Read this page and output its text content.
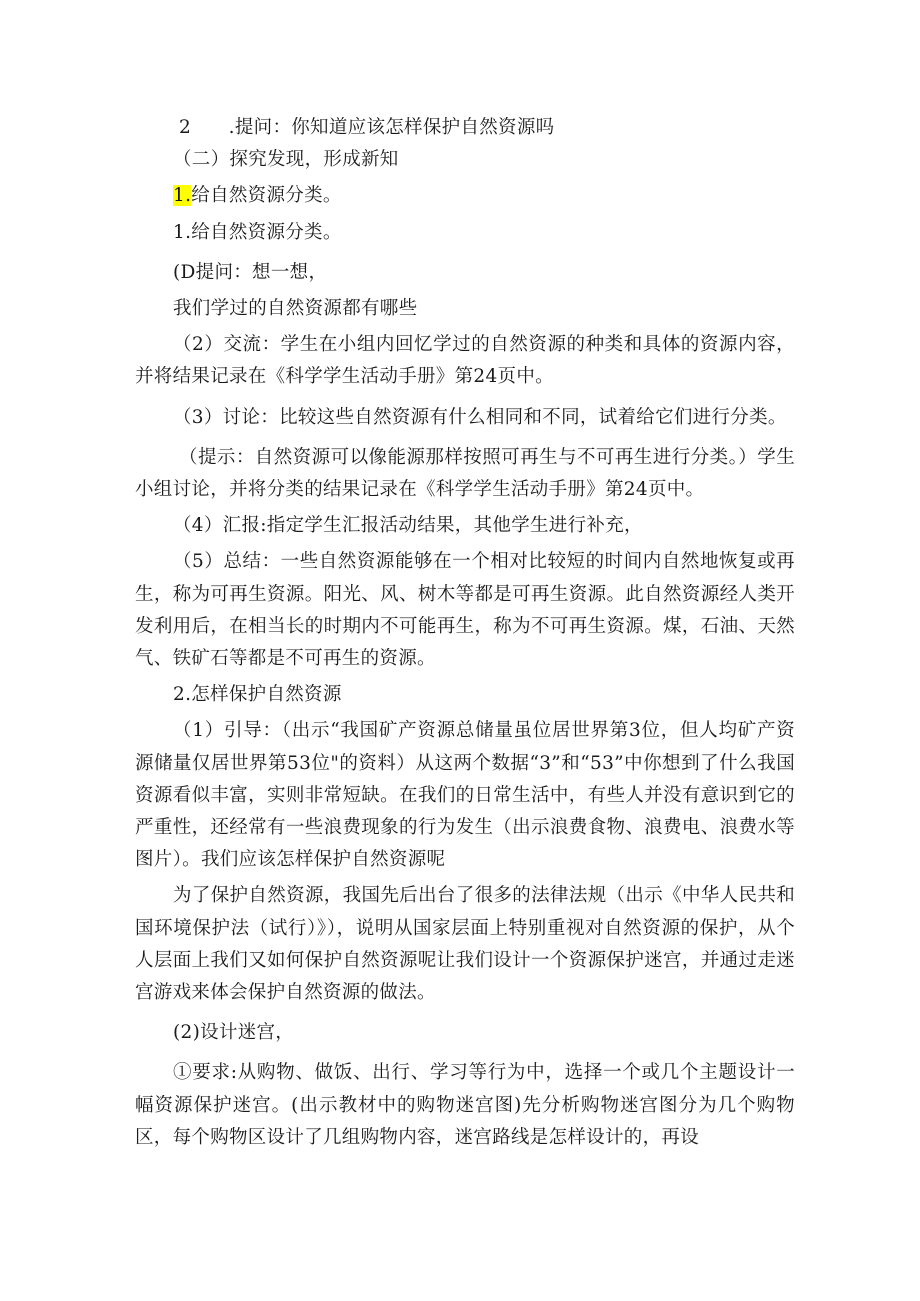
2　　.提问：你知道应该怎样保护自然资源吗

（二）探究发现，形成新知

1.给自然资源分类。

1.给自然资源分类。

(D提问：想一想，

我们学过的自然资源都有哪些

（2）交流：学生在小组内回忆学过的自然资源的种类和具体的资源内容，并将结果记录在《科学学生活动手册》第24页中。

（3）讨论：比较这些自然资源有什么相同和不同，试着给它们进行分类。

（提示：自然资源可以像能源那样按照可再生与不可再生进行分类。）学生小组讨论，并将分类的结果记录在《科学学生活动手册》第24页中。

（4）汇报:指定学生汇报活动结果，其他学生进行补充，

（5）总结：一些自然资源能够在一个相对比较短的时间内自然地恢复或再生，称为可再生资源。阳光、风、树木等都是可再生资源。此自然资源经人类开发利用后，在相当长的时期内不可能再生，称为不可再生资源。煤，石油、天然气、铁矿石等都是不可再生的资源。

2.怎样保护自然资源

（1）引导：（出示“我国矿产资源总储量虽位居世界第3位，但人均矿产资源储量仅居世界第53位"的资料）从这两个数据“3”和“53”中你想到了什么我国资源看似丰富，实则非常短缺。在我们的日常生活中，有些人并没有意识到它的严重性，还经常有一些浪费现象的行为发生（出示浪费食物、浪费电、浪费水等图片）。我们应该怎样保护自然资源呢

为了保护自然资源，我国先后出台了很多的法律法规（出示《中华人民共和国环境保护法（试行）》），说明从国家层面上特别重视对自然资源的保护，从个人层面上我们又如何保护自然资源呢让我们设计一个资源保护迷宫，并通过走迷宫游戏来体会保护自然资源的做法。

(2)设计迷宫，

①要求:从购物、做饭、出行、学习等行为中，选择一个或几个主题设计一幅资源保护迷宫。(出示教材中的购物迷宫图)先分析购物迷宫图分为几个购物区，每个购物区设计了几组购物内容，迷宫路线是怎样设计的，再设
